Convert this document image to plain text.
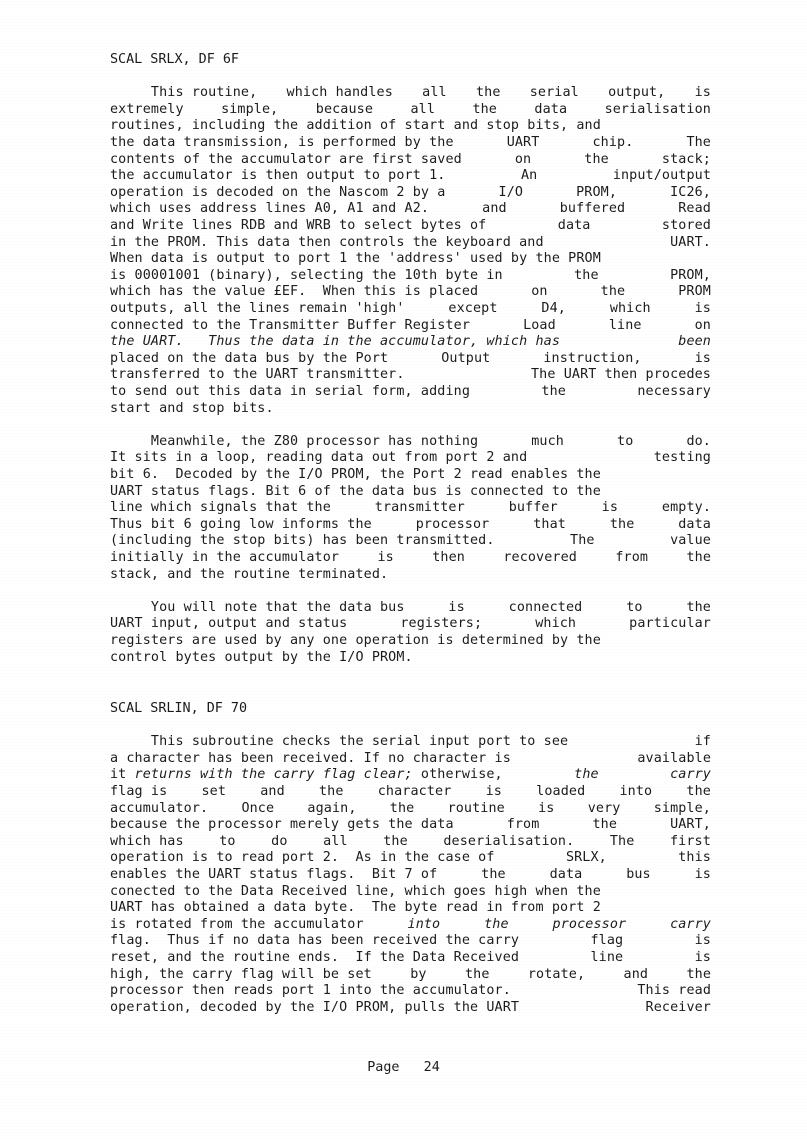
SCAL SRLX, DF 6F
This routine, which handles all the serial output, is
extremely	simple,	because	all	the	data	serialisation
routines, including the addition of start and stop bits, and
the data transmission, is performed by the	UART	chip.	The
contents of the accumulator are first saved	on	the	stack;
the accumulator is then output to port 1.	An	input/output
operation is decoded on the Nascom 2 by a	I/O	PROM,	IC26,
which uses address lines A0, A1 and A2.	and	buffered	Read
and Write lines RDB and WRB to select bytes of	data	stored
in the PROM. This data then controls the keyboard and	UART.
When data is output to port 1 the 'address' used by the PROM
is 00001001 (binary), selecting the 10th byte in	the	PROM,
which has the value £EF.  When this is placed	on	the	PROM
outputs, all the lines remain 'high'	except	D4,	which	is
connected to the Transmitter Buffer Register	Load	line	on
the UART.   Thus the data in the accumulator, which has	been
placed on the data bus by the Port	Output	instruction,	is
transferred to the UART transmitter.	The UART then procedes
to send out this data in serial form, adding	the	necessary
start and stop bits.
Meanwhile, the Z80 processor has nothing	much	to	do.
It sits in a loop, reading data out from port 2 and	testing
bit 6.  Decoded by the I/O PROM, the Port 2 read enables the
UART status flags. Bit 6 of the data bus is connected to the
line which signals that the	transmitter	buffer	is	empty.
Thus bit 6 going low informs the	processor	that	the	data
(including the stop bits) has been transmitted.	The	value
initially in the accumulator	is	then	recovered	from	the
stack, and the routine terminated.
You will note that the data bus	is	connected	to	the
UART input, output and status	registers;	which	particular
registers are used by any one operation is determined by the
control bytes output by the I/O PROM.
SCAL SRLIN, DF 70
This subroutine checks the serial input port to see	if
a character has been received. If no character is	available
it returns with the carry flag clear; otherwise,	the	carry
flag is	set	and	the	character	is	loaded	into	the
accumulator. Once again, the routine is very simple,
because the processor merely gets the data	from	the	UART,
which has	to	do	all	the	deserialisation.	The	first
operation is to read port 2.  As in the case of	SRLX,	this
enables the UART status flags.  Bit 7 of	the	data	bus	is
conected to the Data Received line, which goes high when the
UART has obtained a data byte.  The byte read in from port 2
is rotated from the accumulator	into	the	processor	carry
flag.  Thus if no data has been received the carry	flag	is
reset, and the routine ends.  If the Data Received	line	is
high, the carry flag will be set	by	the	rotate,	and	the
processor then reads port 1 into the accumulator.	This read
operation, decoded by the I/O PROM, pulls the UART	Receiver
Page   24
